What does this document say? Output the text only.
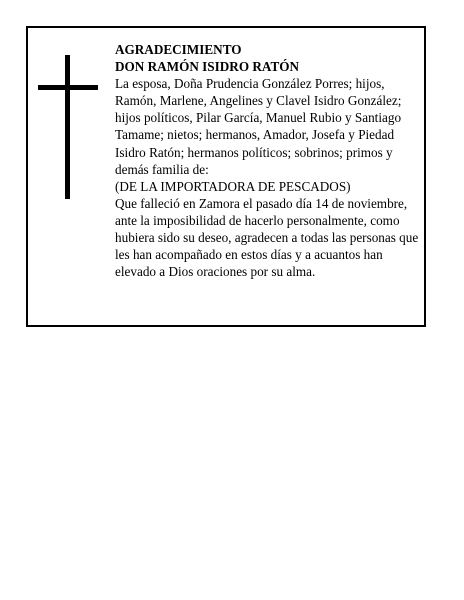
AGRADECIMIENTO

DON RAMÓN ISIDRO RATÓN

La esposa, Doña Prudencia González Porres; hijos, Ramón, Marlene, Angelines y Clavel Isidro González; hijos políticos, Pilar García, Manuel Rubio y Santiago Tamame; nietos; hermanos, Amador, Josefa y Piedad Isidro Ratón; hermanos políticos; sobrinos; primos y demás familia de:

(DE LA IMPORTADORA DE PESCADOS)

Que falleció en Zamora el pasado día 14 de noviembre, ante la imposibilidad de hacerlo personalmente, como hubiera sido su deseo, agradecen a todas las personas que les han acompañado en estos días y a acuantos han elevado a Dios oraciones por su alma.
